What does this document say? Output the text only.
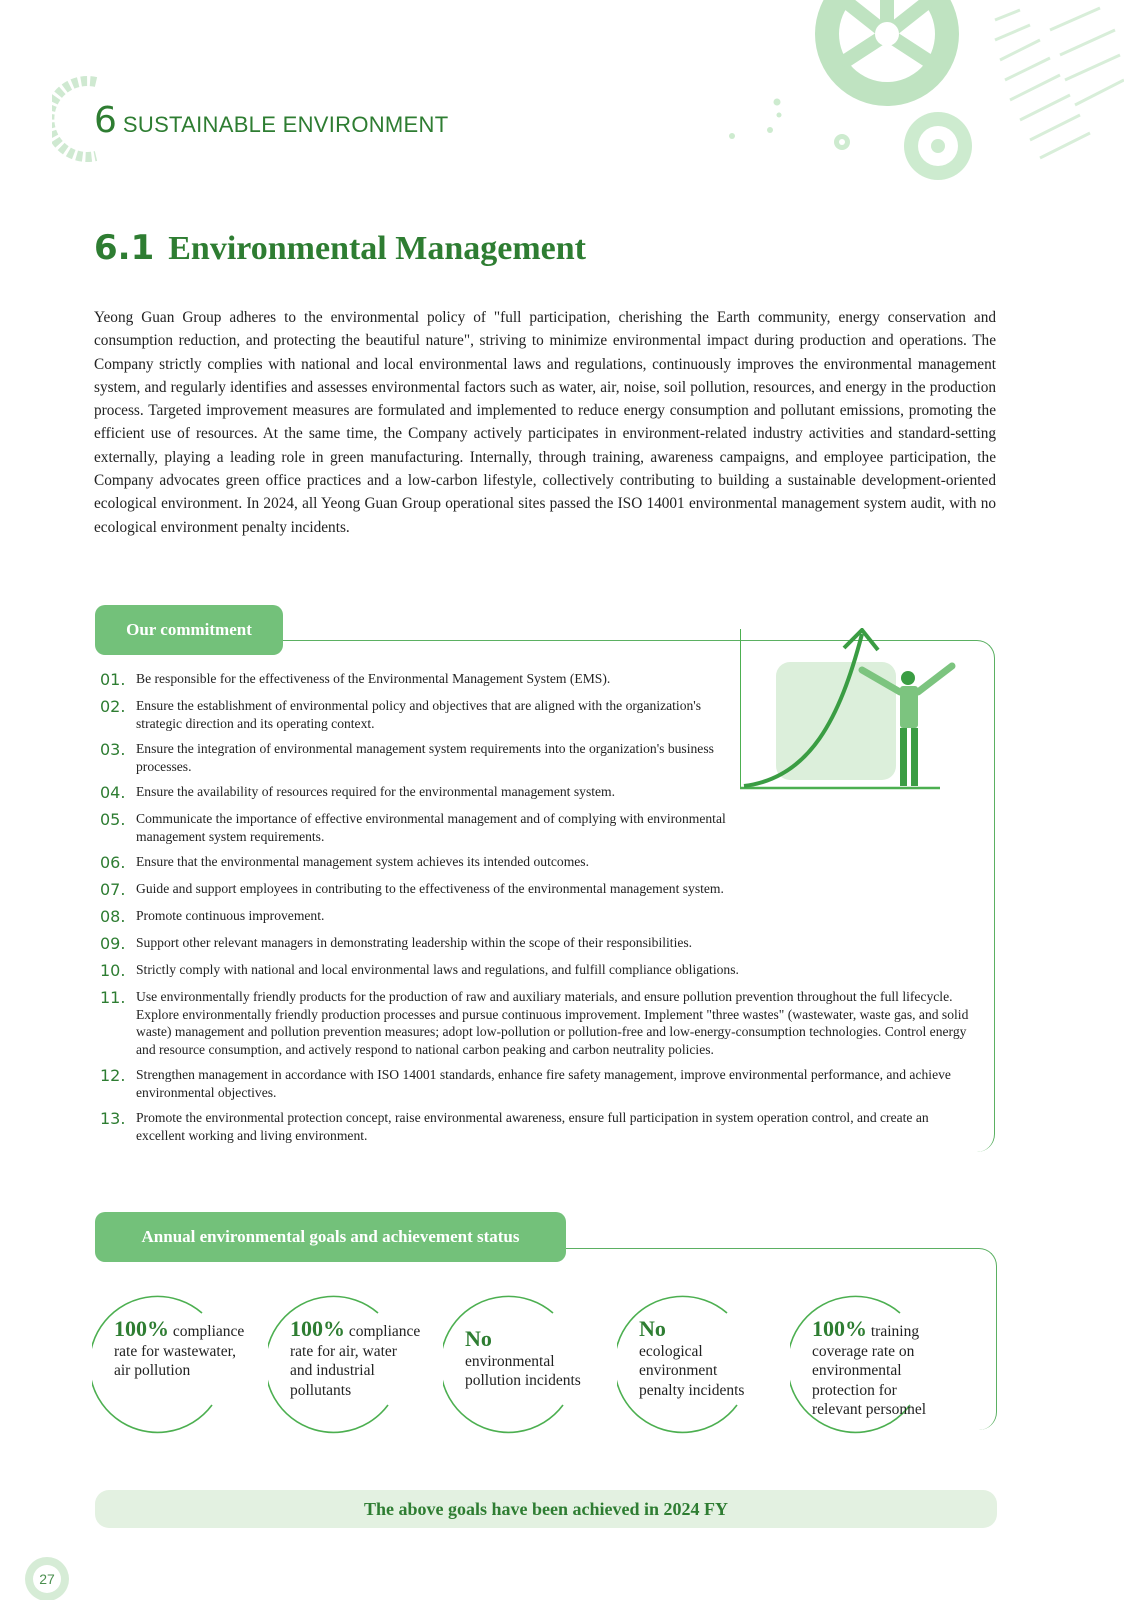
6 SUSTAINABLE ENVIRONMENT
6.1 Environmental Management

Yeong Guan Group adheres to the environmental policy of "full participation, cherishing the Earth community, energy conservation and consumption reduction, and protecting the beautiful nature", striving to minimize environmental impact during production and operations. The Company strictly complies with national and local environmental laws and regulations, continuously improves the environmental management system, and regularly identifies and assesses environmental factors such as water, air, noise, soil pollution, resources, and energy in the production process. Targeted improvement measures are formulated and implemented to reduce energy consumption and pollutant emissions, promoting the efficient use of resources. At the same time, the Company actively participates in environment-related industry activities and standard-setting externally, playing a leading role in green manufacturing. Internally, through training, awareness campaigns, and employee participation, the Company advocates green office practices and a low-carbon lifestyle, collectively contributing to building a sustainable development-oriented ecological environment. In 2024, all Yeong Guan Group operational sites passed the ISO 14001 environmental management system audit, with no ecological environment penalty incidents.

Our commitment
01. Be responsible for the effectiveness of the Environmental Management System (EMS).
02. Ensure the establishment of environmental policy and objectives that are aligned with the organization's strategic direction and its operating context.
03. Ensure the integration of environmental management system requirements into the organization's business processes.
04. Ensure the availability of resources required for the environmental management system.
05. Communicate the importance of effective environmental management and of complying with environmental management system requirements.
06. Ensure that the environmental management system achieves its intended outcomes.
07. Guide and support employees in contributing to the effectiveness of the environmental management system.
08. Promote continuous improvement.
09. Support other relevant managers in demonstrating leadership within the scope of their responsibilities.
10. Strictly comply with national and local environmental laws and regulations, and fulfill compliance obligations.
11. Use environmentally friendly products for the production of raw and auxiliary materials, and ensure pollution prevention throughout the full lifecycle. Explore environmentally friendly production processes and pursue continuous improvement. Implement "three wastes" (wastewater, waste gas, and solid waste) management and pollution prevention measures; adopt low-pollution or pollution-free and low-energy-consumption technologies. Control energy and resource consumption, and actively respond to national carbon peaking and carbon neutrality policies.
12. Strengthen management in accordance with ISO 14001 standards, enhance fire safety management, improve environmental performance, and achieve environmental objectives.
13. Promote the environmental protection concept, raise environmental awareness, ensure full participation in system operation control, and create an excellent working and living environment.
Annual environmental goals and achievement status
100% compliance
rate for wastewater, air pollution
100% compliance
rate for air, water and industrial pollutants
No
environmental pollution incidents
No
ecological environment penalty incidents
100% training
coverage rate on environmental protection for relevant personnel
The above goals have been achieved in 2024 FY
27
